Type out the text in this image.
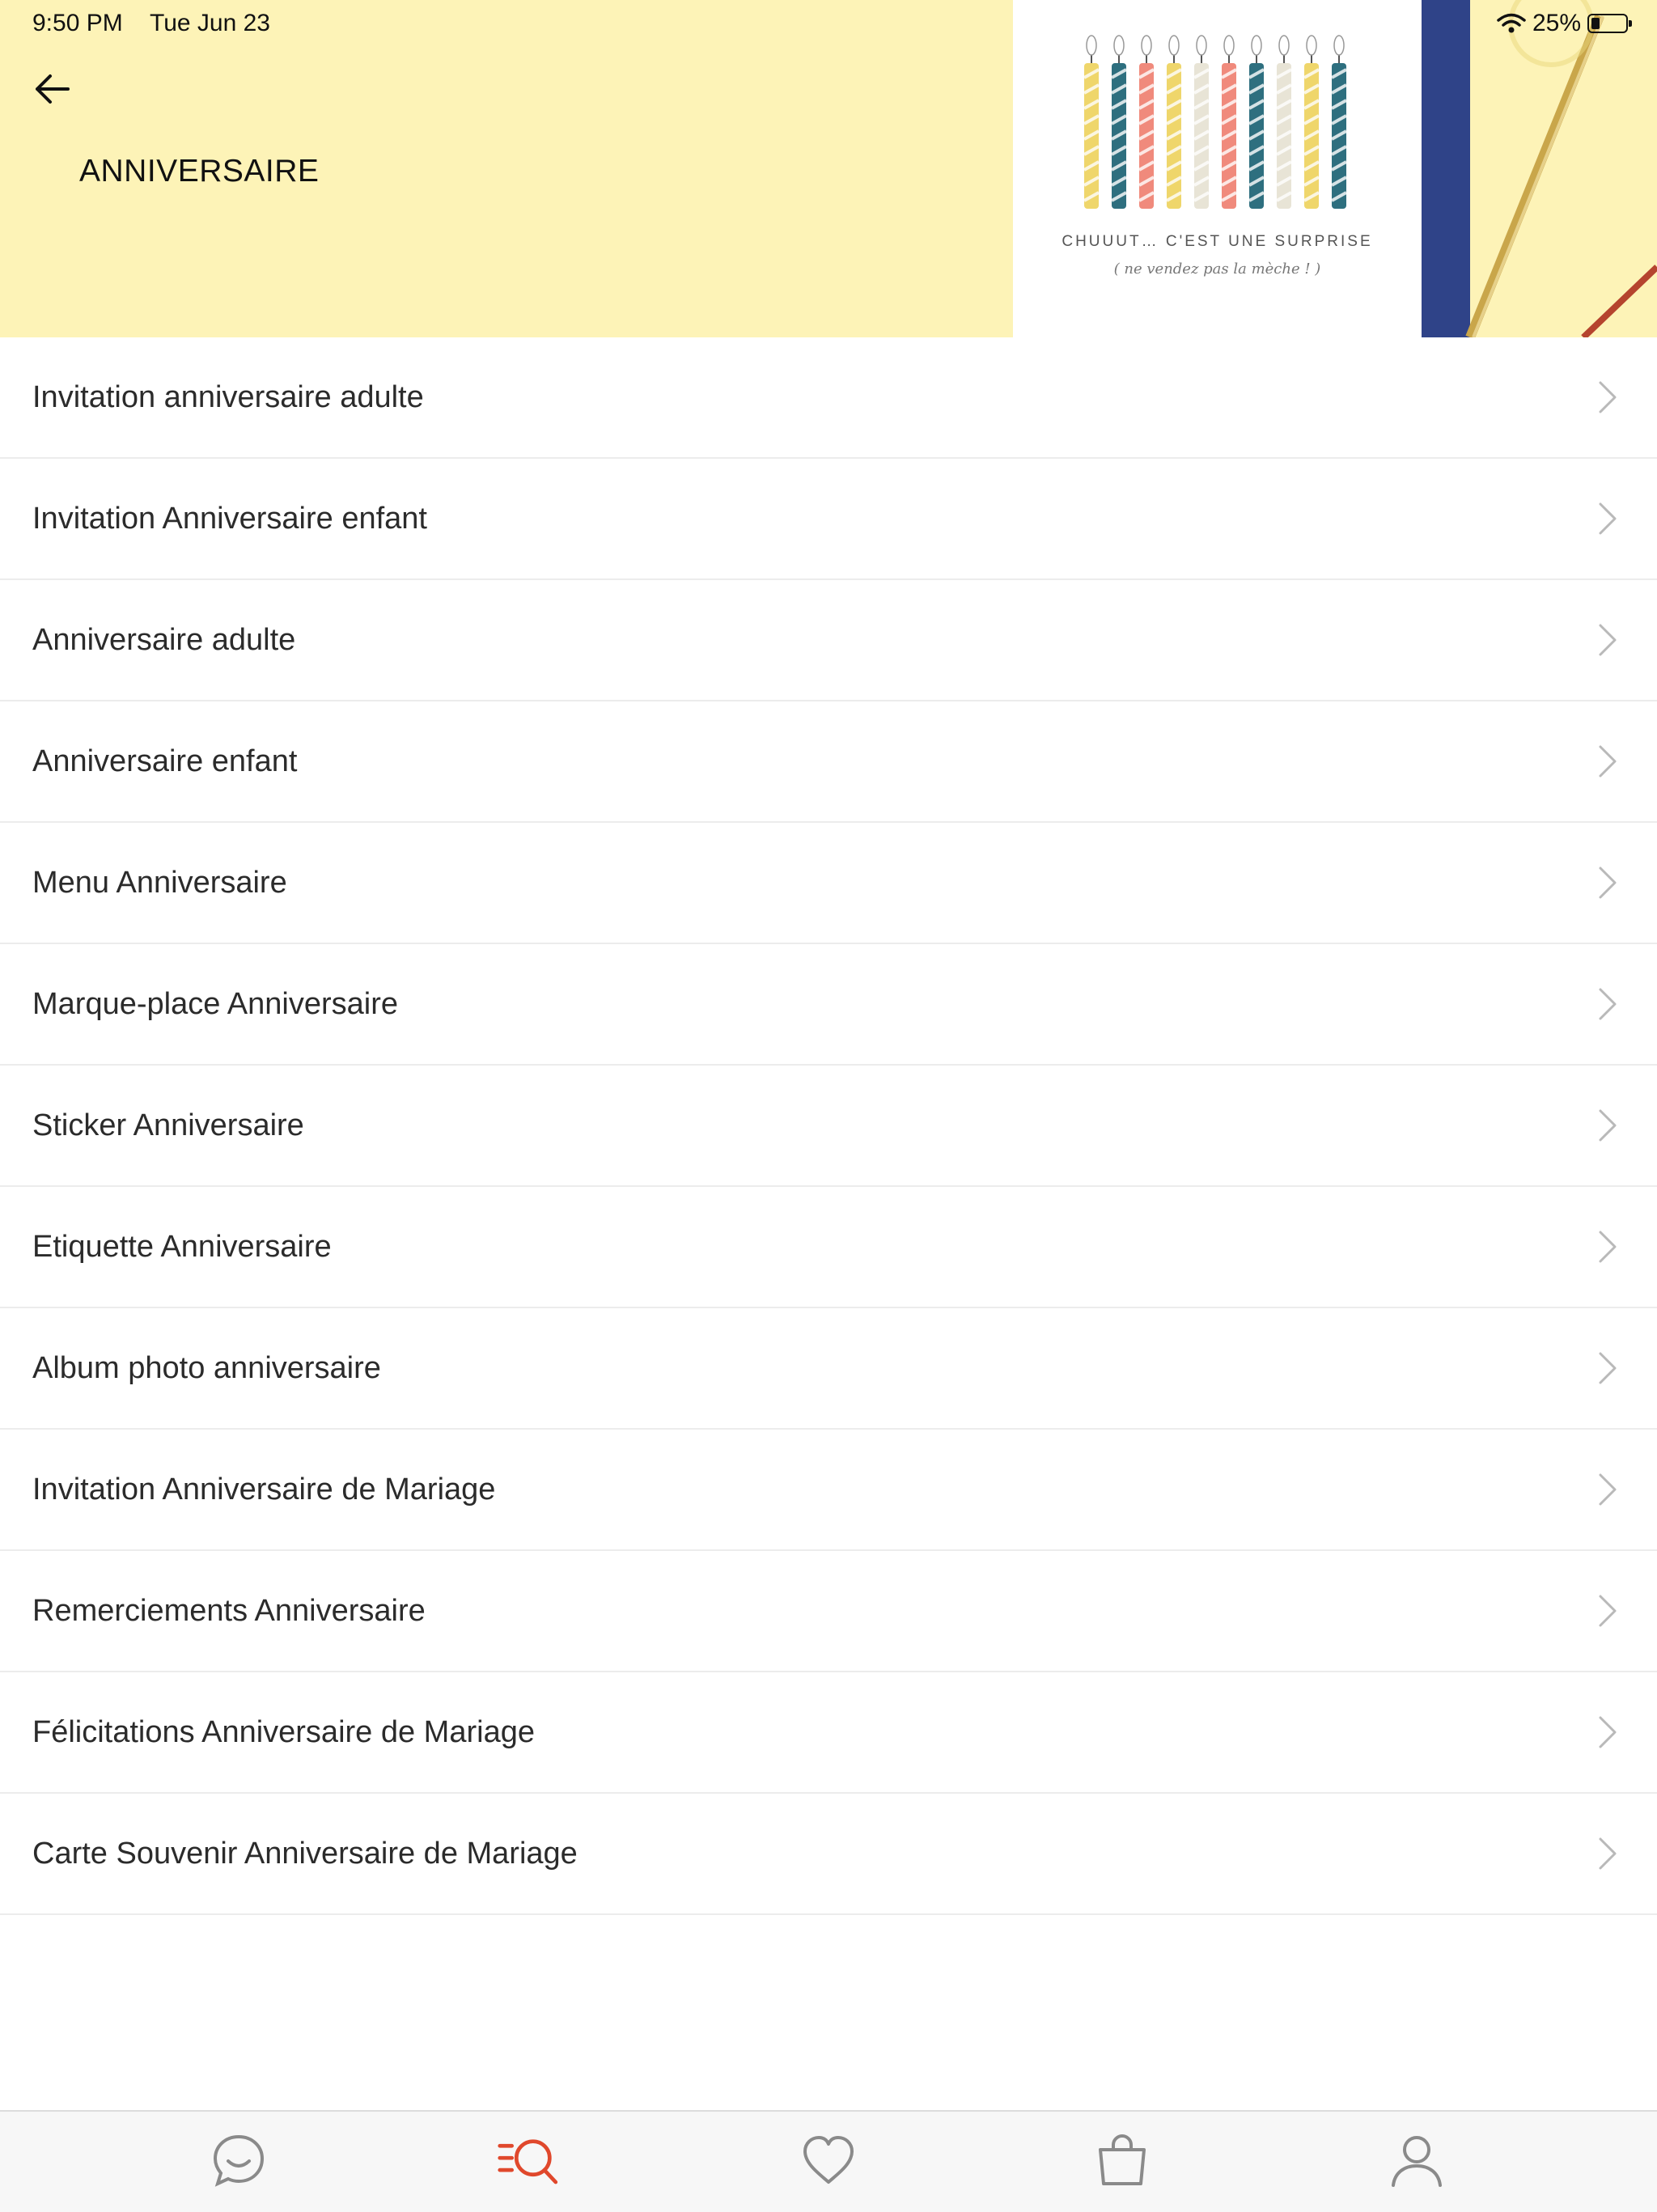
CHUUUT… C'EST UNE SURPRISE
( ne vendez pas la mèche ! )
9:50 PM Tue Jun 23	25%
ANNIVERSAIRE
Invitation anniversaire adulte
Invitation Anniversaire enfant
Anniversaire adulte
Anniversaire enfant
Menu Anniversaire
Marque-place Anniversaire
Sticker Anniversaire
Etiquette Anniversaire
Album photo anniversaire
Invitation Anniversaire de Mariage
Remerciements Anniversaire
Félicitations Anniversaire de Mariage
Carte Souvenir Anniversaire de Mariage
